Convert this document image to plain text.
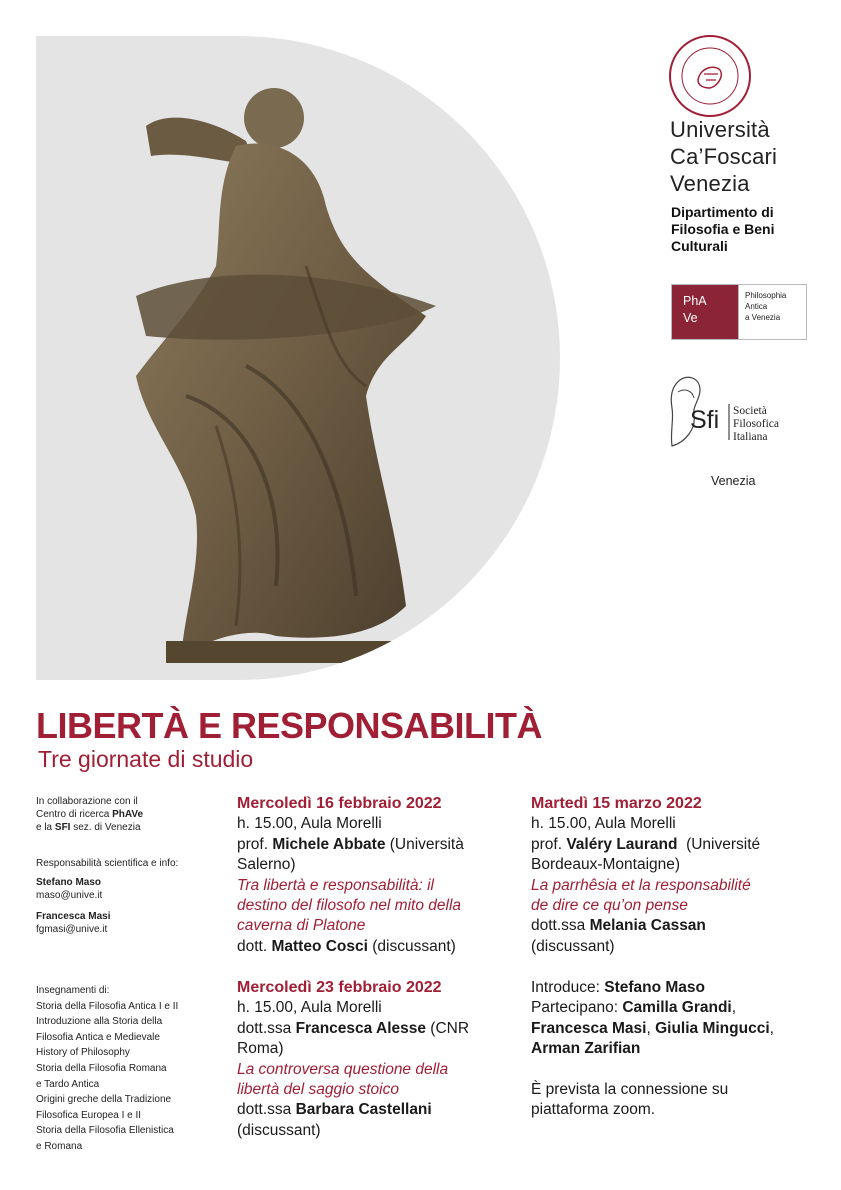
Università
Ca’Foscari
Venezia
Dipartimento di
Filosofia e Beni
Culturali
PhA
Ve
Philosophia
Antica
a Venezia
Sfi Società
Filosofica
Italiana
Venezia
LIBERTÀ E RESPONSABILITÀ
Tre giornate di studio
In collaborazione con il
Centro di ricerca PhAVe
e la SFI sez. di Venezia
Responsabilità scientifica e info:
Stefano Maso
maso@unive.it
Francesca Masi
fgmasi@unive.it
Insegnamenti di:
Storia della Filosofia Antica I e II
Introduzione alla Storia della
Filosofia Antica e Medievale
History of Philosophy
Storia della Filosofia Romana
e Tardo Antica
Origini greche della Tradizione
Filosofica Europea I e II
Storia della Filosofia Ellenistica
e Romana
Mercoledì 16 febbraio 2022
h. 15.00, Aula Morelli
prof. Michele Abbate (Università
Salerno)
Tra libertà e responsabilità: il
destino del filosofo nel mito della
caverna di Platone
dott. Matteo Cosci (discussant)
Mercoledì 23 febbraio 2022
h. 15.00, Aula Morelli
dott.ssa Francesca Alesse (CNR
Roma)
La controversa questione della
libertà del saggio stoico
dott.ssa Barbara Castellani
(discussant)
Martedì 15 marzo 2022
h. 15.00, Aula Morelli
prof. Valéry Laurand  (Université
Bordeaux-Montaigne)
La parrhêsia et la responsabilité
de dire ce qu’on pense
dott.ssa Melania Cassan
(discussant)
Introduce: Stefano Maso
Partecipano: Camilla Grandi,
Francesca Masi, Giulia Mingucci,
Arman Zarifian
È prevista la connessione su
piattaforma zoom.
